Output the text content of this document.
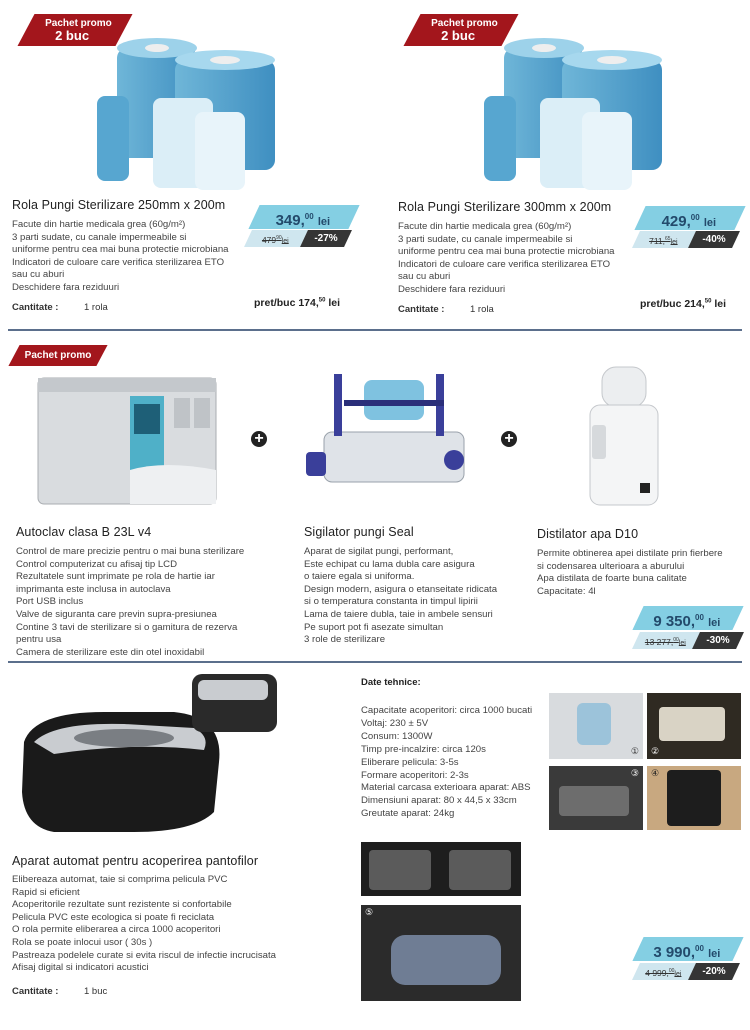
Pachet promo
2 buc
Rola Pungi Sterilizare 250mm x 200m
Facute din hartie medicala grea (60g/m²)
3 parti sudate, cu canale impermeabile si
uniforme pentru cea mai buna protectie microbiana
Indicatori de culoare care verifica sterilizarea ETO
sau cu aburi
Deschidere fara reziduuri
Cantitate :	1 rola
349,00 lei
$479^{90}lei$	-27%
pret/buc 174,50 lei
Pachet promo
2 buc
Rola Pungi Sterilizare 300mm x 200m
Facute din hartie medicala grea (60g/m²)
3 parti sudate, cu canale impermeabile si
uniforme pentru cea mai buna protectie microbiana
Indicatori de culoare care verifica sterilizarea ETO
sau cu aburi
Deschidere fara reziduuri
Cantitate :	1 rola
429,00 lei
711,65lei	-40%
pret/buc 214,50 lei
Pachet promo
+	+
Autoclav clasa B 23L v4
Control de mare precizie pentru o mai buna sterilizare
Control computerizat cu afisaj tip LCD
Rezultatele sunt imprimate pe rola de hartie iar
imprimanta este inclusa in autoclava
Port USB inclus
Valve de siguranta care previn supra-presiunea
Contine 3 tavi de sterilizare si o gamitura de rezerva
pentru usa
Camera de sterilizare este din otel inoxidabil
Sigilator pungi Seal
Aparat de sigilat pungi, performant,
Este echipat cu lama dubla care asigura
o taiere egala si uniforma.
Design modern, asigura o etanseitate ridicata
si o temperatura constanta in timpul lipirii
Lama de taiere dubla, taie in ambele sensuri
Pe suport pot fi asezate simultan
3 role de sterilizare
Distilator apa D10
Permite obtinerea apei distilate prin fierbere
si codensarea ulterioara a aburului
Apa distilata de foarte buna calitate
Capacitate: 4l
9 350,00 lei
13 277,00lei	-30%
Aparat automat pentru acoperirea pantofilor
Elibereaza automat, taie si comprima pelicula PVC
Rapid si eficient
Acoperitorile rezultate sunt rezistente si confortabile
Pelicula PVC este ecologica si poate fi reciclata
O rola permite eliberarea a circa 1000 acoperitori
Rola se poate inlocui usor ( 30s )
Pastreaza podelele curate si evita riscul de infectie incrucisata
Afisaj digital si indicatori acustici
Cantitate :	1 buc
Date tehnice:
Capacitate acoperitori: circa 1000 bucati
Voltaj: 230 ± 5V
Consum: 1300W
Timp pre-incalzire: circa 120s
Eliberare pelicula: 3-5s
Formare acoperitori: 2-3s
Material carcasa exterioara aparat: ABS
Dimensiuni aparat: 80 x 44,5 x 33cm
Greutate aparat: 24kg
① ②
③ ④
⑤
3 990,00 lei
4 999,00lei	-20%
